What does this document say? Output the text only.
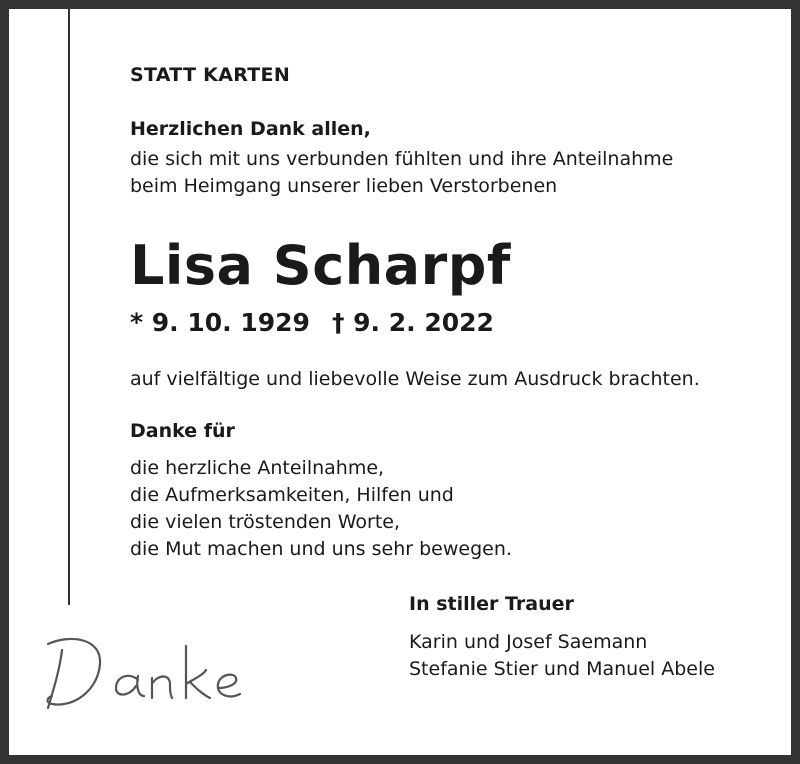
STATT KARTEN
Herzlichen Dank allen,
die sich mit uns verbunden fühlten und ihre Anteilnahme
beim Heimgang unserer lieben Verstorbenen
Lisa Scharpf
* 9. 10. 1929 † 9. 2. 2022
auf vielfältige und liebevolle Weise zum Ausdruck brachten.
Danke für
die herzliche Anteilnahme,
die Aufmerksamkeiten, Hilfen und
die vielen tröstenden Worte,
die Mut machen und uns sehr bewegen.
In stiller Trauer
Karin und Josef Saemann
Stefanie Stier und Manuel Abele
